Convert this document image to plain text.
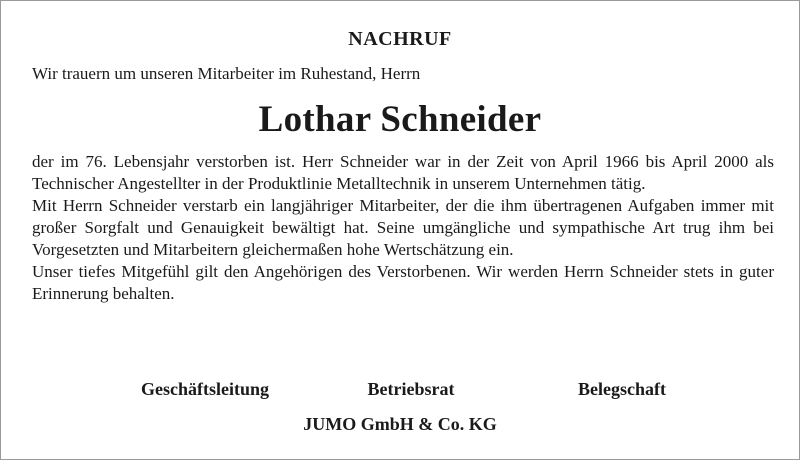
NACHRUF
Wir trauern um unseren Mitarbeiter im Ruhestand, Herrn
Lothar Schneider

der im 76. Lebensjahr verstorben ist. Herr Schneider war in der Zeit von April 1966 bis April 2000 als Technischer Angestellter in der Produktlinie Metalltechnik in unserem Unternehmen tätig.

Mit Herrn Schneider verstarb ein langjähriger Mitarbeiter, der die ihm übertragenen Aufgaben immer mit großer Sorgfalt und Genauigkeit bewältigt hat. Seine umgängliche und sympathische Art trug ihm bei Vorgesetzten und Mitarbeitern gleichermaßen hohe Wertschätzung ein.

Unser tiefes Mitgefühl gilt den Angehörigen des Verstorbenen. Wir werden Herrn Schneider stets in guter Erinnerung behalten.

Geschäftsleitung	Betriebsrat	Belegschaft
JUMO GmbH & Co. KG
